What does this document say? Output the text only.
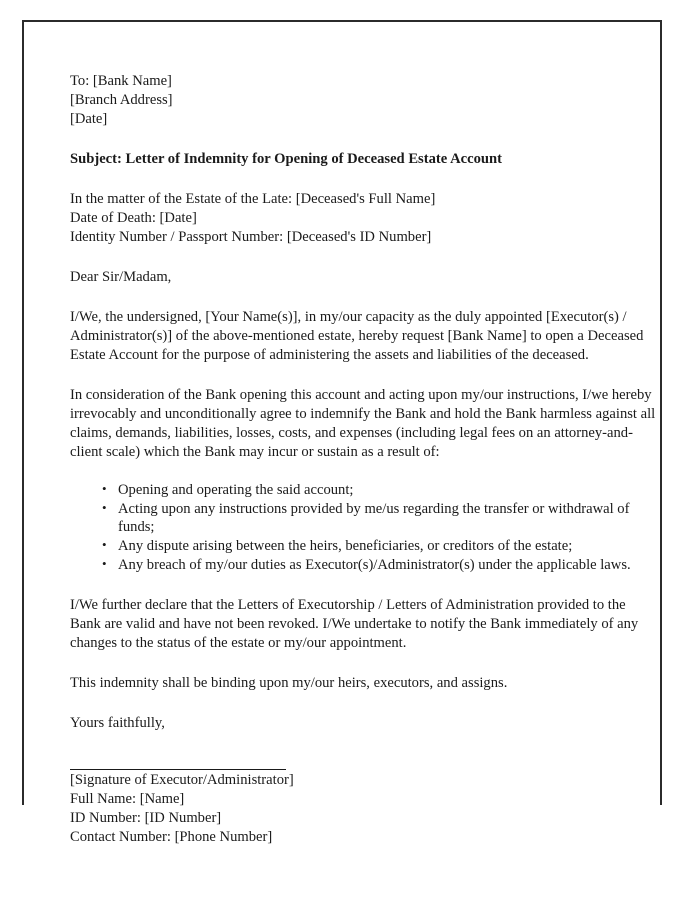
To: [Bank Name]
[Branch Address]
[Date]
Subject: Letter of Indemnity for Opening of Deceased Estate Account
In the matter of the Estate of the Late: [Deceased's Full Name]
Date of Death: [Date]
Identity Number / Passport Number: [Deceased's ID Number]
Dear Sir/Madam,

I/We, the undersigned, [Your Name(s)], in my/our capacity as the duly appointed [Executor(s) / Administrator(s)] of the above-mentioned estate, hereby request [Bank Name] to open a Deceased Estate Account for the purpose of administering the assets and liabilities of the deceased.

In consideration of the Bank opening this account and acting upon my/our instructions, I/we hereby irrevocably and unconditionally agree to indemnify the Bank and hold the Bank harmless against all claims, demands, liabilities, losses, costs, and expenses (including legal fees on an attorney-and-client scale) which the Bank may incur or sustain as a result of:

• Opening and operating the said account;
• Acting upon any instructions provided by me/us regarding the transfer or withdrawal of funds;
• Any dispute arising between the heirs, beneficiaries, or creditors of the estate;
• Any breach of my/our duties as Executor(s)/Administrator(s) under the applicable laws.

I/We further declare that the Letters of Executorship / Letters of Administration provided to the Bank are valid and have not been revoked. I/We undertake to notify the Bank immediately of any changes to the status of the estate or my/our appointment.

This indemnity shall be binding upon my/our heirs, executors, and assigns.

Yours faithfully,
[Signature of Executor/Administrator]
Full Name: [Name]
ID Number: [ID Number]
Contact Number: [Phone Number]
